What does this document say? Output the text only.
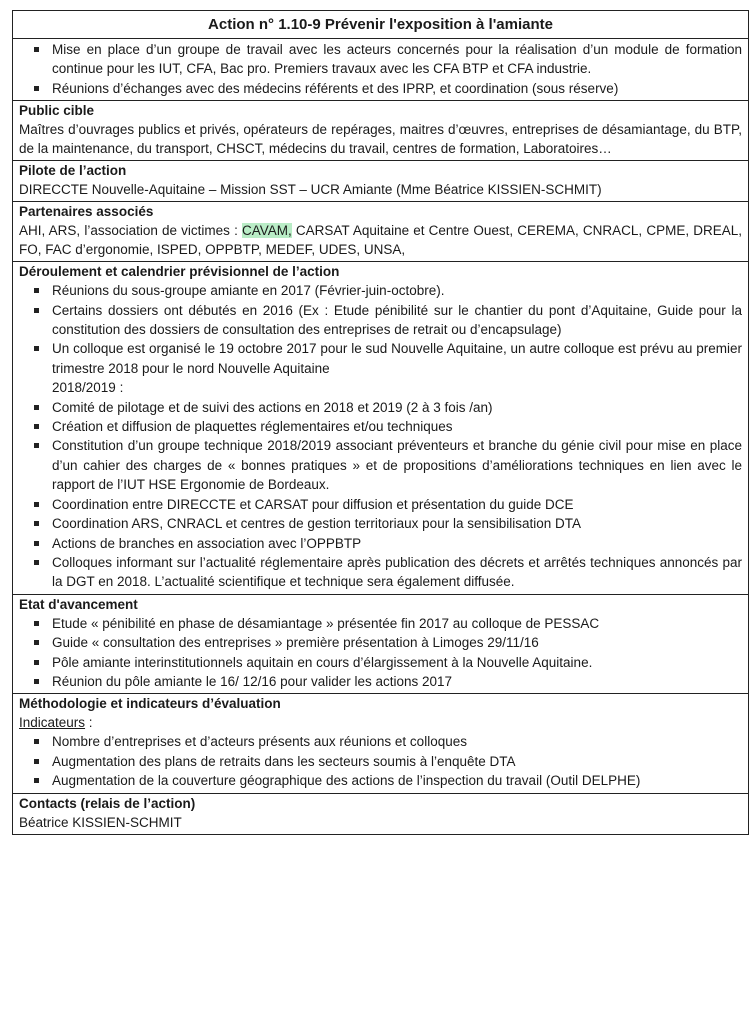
Action n° 1.10-9 Prévenir l'exposition à l'amiante
Mise en place d’un groupe de travail avec les acteurs concernés pour la réalisation d’un module de formation continue pour les IUT, CFA, Bac pro. Premiers travaux avec les CFA BTP et CFA industrie.
Réunions d’échanges avec des médecins référents et des IPRP, et coordination (sous réserve)
Public cible
Maîtres d’ouvrages publics et privés, opérateurs de repérages, maitres d’œuvres, entreprises de désamiantage, du BTP, de la maintenance, du transport, CHSCT, médecins du travail, centres de formation, Laboratoires…
Pilote de l’action
DIRECCTE Nouvelle-Aquitaine – Mission SST – UCR Amiante (Mme Béatrice KISSIEN-SCHMIT)
Partenaires associés
AHI, ARS, l’association de victimes : CAVAM, CARSAT Aquitaine et Centre Ouest, CEREMA, CNRACL, CPME, DREAL, FO, FAC d’ergonomie, ISPED, OPPBTP, MEDEF, UDES, UNSA,
Déroulement et calendrier prévisionnel de l’action
Réunions du sous-groupe amiante en 2017 (Février-juin-octobre).
Certains dossiers ont débutés en 2016 (Ex : Etude pénibilité sur le chantier du pont d’Aquitaine, Guide pour la constitution des dossiers de consultation des entreprises de retrait ou d’encapsulage)
Un colloque est organisé le 19 octobre 2017 pour le sud Nouvelle Aquitaine, un autre colloque est prévu au premier trimestre 2018 pour le nord Nouvelle Aquitaine
2018/2019 :
Comité de pilotage et de suivi des actions en 2018 et 2019 (2 à 3 fois /an)
Création et diffusion de plaquettes réglementaires et/ou techniques
Constitution d’un groupe technique 2018/2019 associant préventeurs et branche du génie civil pour mise en place d’un cahier des charges de « bonnes pratiques » et de propositions d’améliorations techniques en lien avec le rapport de l’IUT HSE Ergonomie de Bordeaux.
Coordination entre DIRECCTE et CARSAT pour diffusion et présentation du guide DCE
Coordination ARS, CNRACL et centres de gestion territoriaux pour la sensibilisation DTA
Actions de branches en association avec l’OPPBTP
Colloques informant sur l’actualité réglementaire après publication des décrets et arrêtés techniques annoncés par la DGT en 2018. L’actualité scientifique et technique sera également diffusée.
Etat d'avancement
Etude « pénibilité en phase de désamiantage » présentée fin 2017 au colloque de PESSAC
Guide « consultation des entreprises » première présentation à Limoges 29/11/16
Pôle amiante interinstitutionnels aquitain en cours d’élargissement à la Nouvelle Aquitaine.
Réunion du pôle amiante le 16/ 12/16 pour valider les actions 2017
Méthodologie et indicateurs d’évaluation
Indicateurs :
Nombre d’entreprises et d’acteurs présents aux réunions et colloques
Augmentation des plans de retraits dans les secteurs soumis à l’enquête DTA
Augmentation de la couverture géographique des actions de l’inspection du travail (Outil DELPHE)
Contacts (relais de l’action)
Béatrice KISSIEN-SCHMIT
